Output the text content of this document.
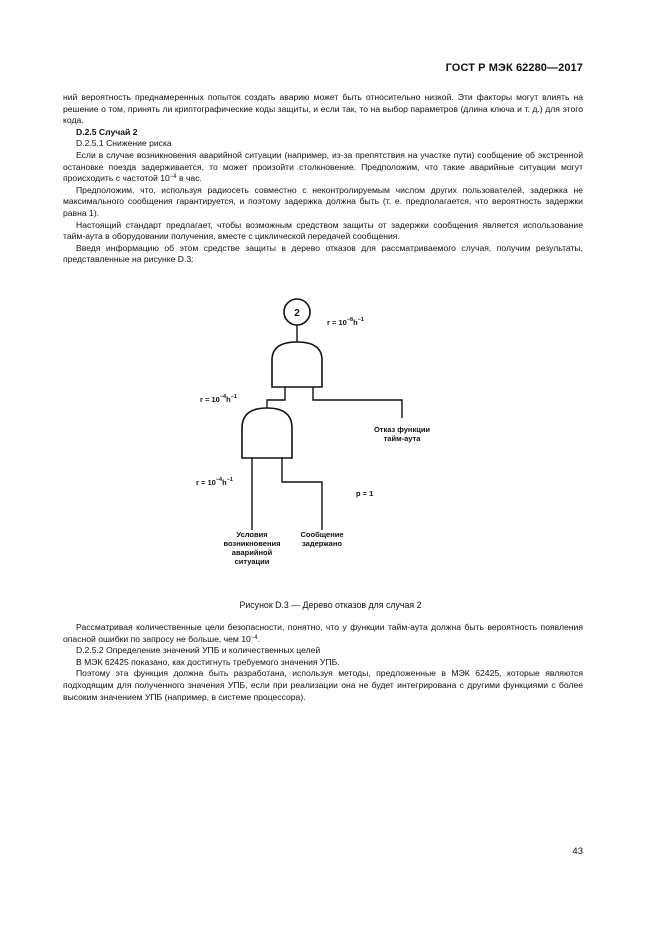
ГОСТ Р МЭК 62280—2017

ний вероятность преднамеренных попыток создать аварию может быть относительно низкой. Эти факторы могут влиять на решение о том, принять ли криптографические коды защиты, и если так, то на выбор параметров (длина ключа и т. д.) для этого кода.

D.2.5 Случай 2

D.2.5.1 Снижение риска

Если в случае возникновения аварийной ситуации (например, из-за препятствия на участке пути) сообщение об экстренной остановке поезда задерживается, то может произойти столкновение. Предположим, что такие аварийные ситуации могут происходить с частотой $10^{-4}$ в час.

Предположим, что, используя радиосеть совместно с неконтролируемым числом других пользователей, задержка не максимального сообщения гарантируется, и поэтому задержка должна быть (т. е. предполагается, что вероятность задержки равна 1).

Настоящий стандарт предлагает, чтобы возможным средством защиты от задержки сообщения является использование тайм-аута в оборудовании получения, вместе с циклической передачей сообщения.

Введя информацию об этом средстве защиты в дерево отказов для рассматриваемого случая, получим результаты, представленные на рисунке D.3:

2
$r = 10^{-8}h^{-1}$
$r = 10^{-4}h^{-1}$
Отказ функции
тайм-аута
$r = 10^{-4}h^{-1}$
p = 1
Условия
возникновения
аварийной
ситуации
Сообщение
задержано
Рисунок D.3 — Дерево отказов для случая 2

Рассматривая количественные цели безопасности, понятно, что у функции тайм-аута должна быть вероятность появления опасной ошибки по запросу не больше, чем $10^{-4}$.

D.2.5.2 Определение значений УПБ и количественных целей

В МЭК 62425 показано, как достигнуть требуемого значения УПБ.

Поэтому эта функция должна быть разработана, используя методы, предложенные в МЭК 62425, которые являются подходящим для полученного значения УПБ, если при реализации она не будет интегрирована с другими функциями с более высоким значением УПБ (например, в системе процессора).

43
